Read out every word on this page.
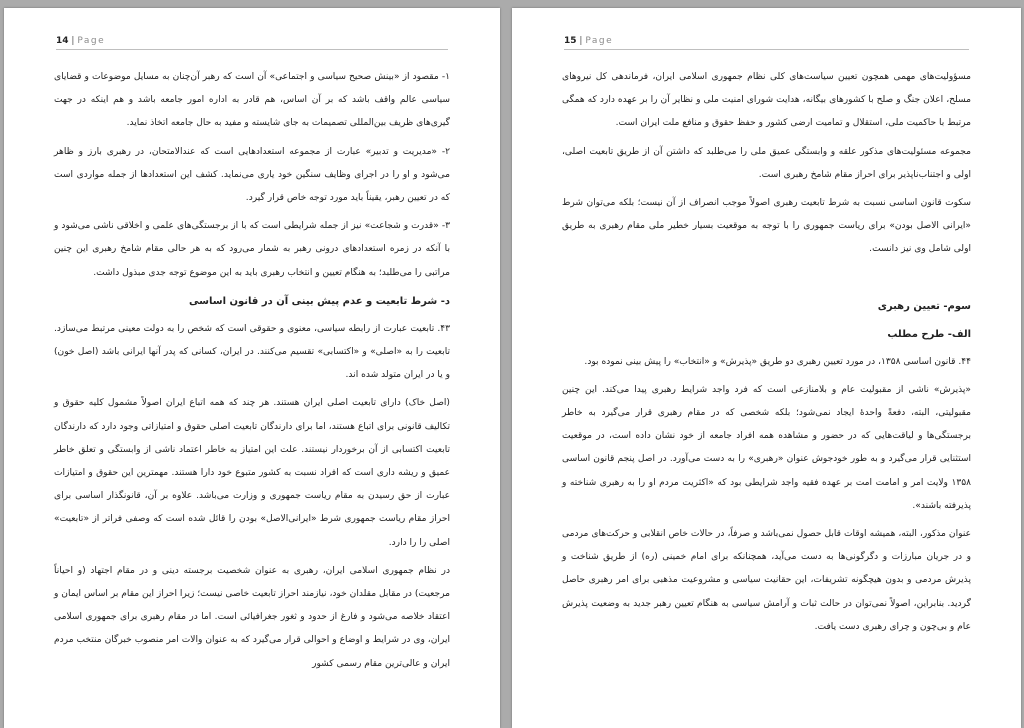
14 | Page

۱- مقصود از «بینش صحیح سیاسی و اجتماعی» آن است که رهبر آن‌چنان به مسایل موضوعات و قضایای سیاسی عالم واقف باشد که بر آن اساس، هم قادر به اداره امور جامعه باشد و هم اینکه در جهت گیری‌های ظریف بین‌المللی تصمیمات به جای شایسته و مفید به حال جامعه اتخاذ نماید.

۲- «مدیریت و تدبیر» عبارت از مجموعه استعدادهایی است که عندالامتحان، در رهبری بارز و ظاهر می‌شود و او را در اجرای وظایف سنگین خود یاری می‌نماید. کشف این استعدادها از جمله مواردی است که در تعیین رهبر، یقیناً باید مورد توجه خاص قرار گیرد.

۳- «قدرت و شجاعت» نیز از جمله شرایطی است که با از برجستگی‌های علمی و اخلاقی ناشی می‌شود و با آنکه در زمره استعدادهای درونی رهبر به شمار می‌رود که به هر حالی مقام شامخ رهبری این چنین مراتبی را می‌طلبد؛ به هنگام تعیین و انتخاب رهبری باید به این موضوع توجه جدی مبذول داشت.

د- شرط تابعیت و عدم پیش بینی آن در قانون اساسی

۴۳. تابعیت عبارت از رابطه سیاسی، معنوی و حقوقی است که شخص را به دولت معینی مرتبط می‌سازد. تابعیت را به «اصلی» و «اکتسابی» تقسیم می‌کنند. در ایران، کسانی که پدر آنها ایرانی باشد (اصل خون) و یا در ایران متولد شده اند.

(اصل خاک) دارای تابعیت اصلی ایران هستند. هر چند که همه اتباع ایران اصولاً مشمول کلیه حقوق و تکالیف قانونی برای اتباع هستند، اما برای دارندگان تابعیت اصلی حقوق و امتیازاتی وجود دارد که دارندگان تابعیت اکتسابی از آن برخوردار نیستند. علت این امتیاز به خاطر اعتماد ناشی از وابستگی و تعلق خاطر عمیق و ریشه داری است که افراد نسبت به کشور متبوع خود دارا هستند. مهمترین این حقوق و امتیازات عبارت از حق رسیدن به مقام ریاست جمهوری و وزارت می‌باشد. علاوه بر آن، قانونگذار اساسی برای احراز مقام ریاست جمهوری شرط «ایرانی‌الاصل» بودن را قائل شده است که وصفی فراتر از «تابعیت» اصلی را را دارد.

در نظام جمهوری اسلامی ایران، رهبری به عنوان شخصیت برجسته دینی و در مقام اجتهاد (و احیاناً مرجعیت) در مقابل مقلدان خود، نیازمند احراز تابعیت خاصی نیست؛ زیرا احراز این مقام بر اساس ایمان و اعتقاد خلاصه می‌شود و فارغ از حدود و ثغور جغرافیائی است. اما در مقام رهبری برای جمهوری اسلامی ایران، وی در شرایط و اوضاع و احوالی قرار می‌گیرد که به عنوان والات امر منصوب خبرگان منتخب مردم ایران و عالی‌ترین مقام رسمی کشور

15 | Page

مسؤولیت‌های مهمی همچون تعیین سیاست‌های کلی نظام جمهوری اسلامی ایران، فرماندهی کل نیروهای مسلح، اعلان جنگ و صلح با کشورهای بیگانه، هدایت شورای امنیت ملی و نظایر آن را بر عهده دارد که همگی مرتبط با حاکمیت ملی، استقلال و تمامیت ارضی کشور و حفظ حقوق و منافع ملت ایران است.

مجموعه مسئولیت‌های مذکور علقه و وابستگی عمیق ملی را می‌طلبد که داشتن آن از طریق تابعیت اصلی، اولی و اجتناب‌ناپذیر برای احراز مقام شامخ رهبری است.

سکوت قانون اساسی نسبت به شرط تابعیت رهبری اصولاً موجب انصراف از آن نیست؛ بلکه می‌توان شرط «ایرانی الاصل بودن» برای ریاست جمهوری را با توجه به موقعیت بسیار خطیر ملی مقام رهبری به طریق اولی شامل وی نیز دانست.

سوم- تعیین رهبری
الف- طرح مطلب

۴۴. قانون اساسی ۱۳۵۸، در مورد تعیین رهبری دو طریق «پذیرش» و «انتخاب» را پیش بینی نموده بود.

«پذیرش» ناشی از مقبولیت عام و بلامنازعی است که فرد واجد شرایط رهبری پیدا می‌کند. این چنین مقبولیتی، البته، دفعةً واحدهٔ ایجاد نمی‌شود؛ بلکه شخصی که در مقام رهبری قرار می‌گیرد به خاطر برجستگی‌ها و لیاقت‌هایی که در حضور و مشاهده همه افراد جامعه از خود نشان داده است، در موقعیت استثنایی قرار می‌گیرد و به طور خودجوش عنوان «رهبری» را به دست می‌آورد. در اصل پنجم قانون اساسی ۱۳۵۸ ولایت امر و امامت امت بر عهده فقیه واجد شرایطی بود که «اکثریت مردم او را به رهبری شناخته و پذیرفته باشند».

عنوان مذکور، البته، همیشه اوقات قابل حصول نمی‌باشد و صرفاً، در حالات خاص انقلابی و حرکت‌های مردمی و در جریان مبارزات و دگرگونی‌ها به دست می‌آید، همچنانکه برای امام خمینی (ره) از طریق شناخت و پذیرش مردمی و بدون هیچگونه تشریفات، این حقانیت سیاسی و مشروعیت مذهبی برای امر رهبری حاصل گردید. بنابراین، اصولاً نمی‌توان در حالت ثبات و آرامش سیاسی به هنگام تعیین رهبر جدید به وضعیت پذیرش عام و بی‌چون و چرای رهبری دست یافت.
